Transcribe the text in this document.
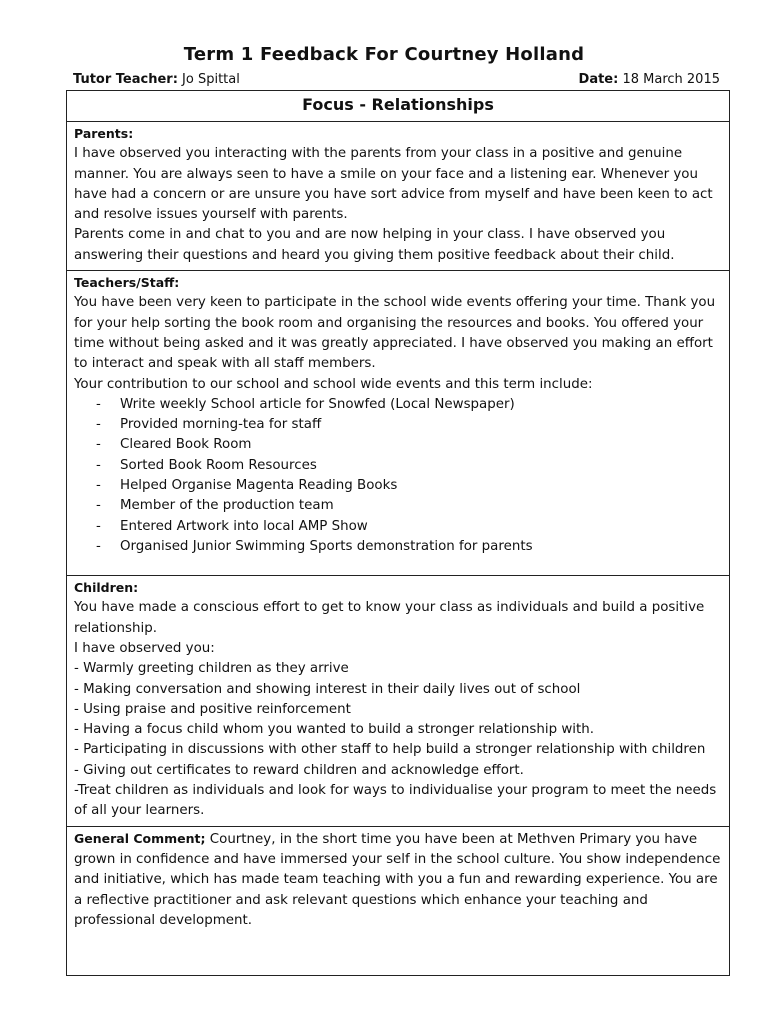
Term 1 Feedback For Courtney Holland
Tutor Teacher: Jo Spittal	Date: 18 March 2015
Focus - Relationships

Parents:

I have observed you interacting with the parents from your class in a positive and genuine manner. You are always seen to have a smile on your face and a listening ear. Whenever you have had a concern or are unsure you have sort advice from myself and have been keen to act and resolve issues yourself with parents.

Parents come in and chat to you and are now helping in your class. I have observed you answering their questions and heard you giving them positive feedback about their child.

Teachers/Staff:

You have been very keen to participate in the school wide events offering your time. Thank you for your help sorting the book room and organising the resources and books. You offered your time without being asked and it was greatly appreciated. I have observed you making an effort to interact and speak with all staff members.

Your contribution to our school and school wide events and this term include:

- Write weekly School article for Snowfed (Local Newspaper)
- Provided morning-tea for staff
- Cleared Book Room
- Sorted Book Room Resources
- Helped Organise Magenta Reading Books
- Member of the production team
- Entered Artwork into local AMP Show
- Organised Junior Swimming Sports demonstration for parents

Children:

You have made a conscious effort to get to know your class as individuals and build a positive relationship.

I have observed you:

- Warmly greeting children as they arrive

- Making conversation and showing interest in their daily lives out of school

- Using praise and positive reinforcement

- Having a focus child whom you wanted to build a stronger relationship with.

- Participating in discussions with other staff to help build a stronger relationship with children

- Giving out certificates to reward children and acknowledge effort.

-Treat children as individuals and look for ways to individualise your program to meet the needs of all your learners.

General Comment; Courtney, in the short time you have been at Methven Primary you have grown in confidence and have immersed your self in the school culture. You show independence and initiative, which has made team teaching with you a fun and rewarding experience. You are a reflective practitioner and ask relevant questions which enhance your teaching and professional development.
